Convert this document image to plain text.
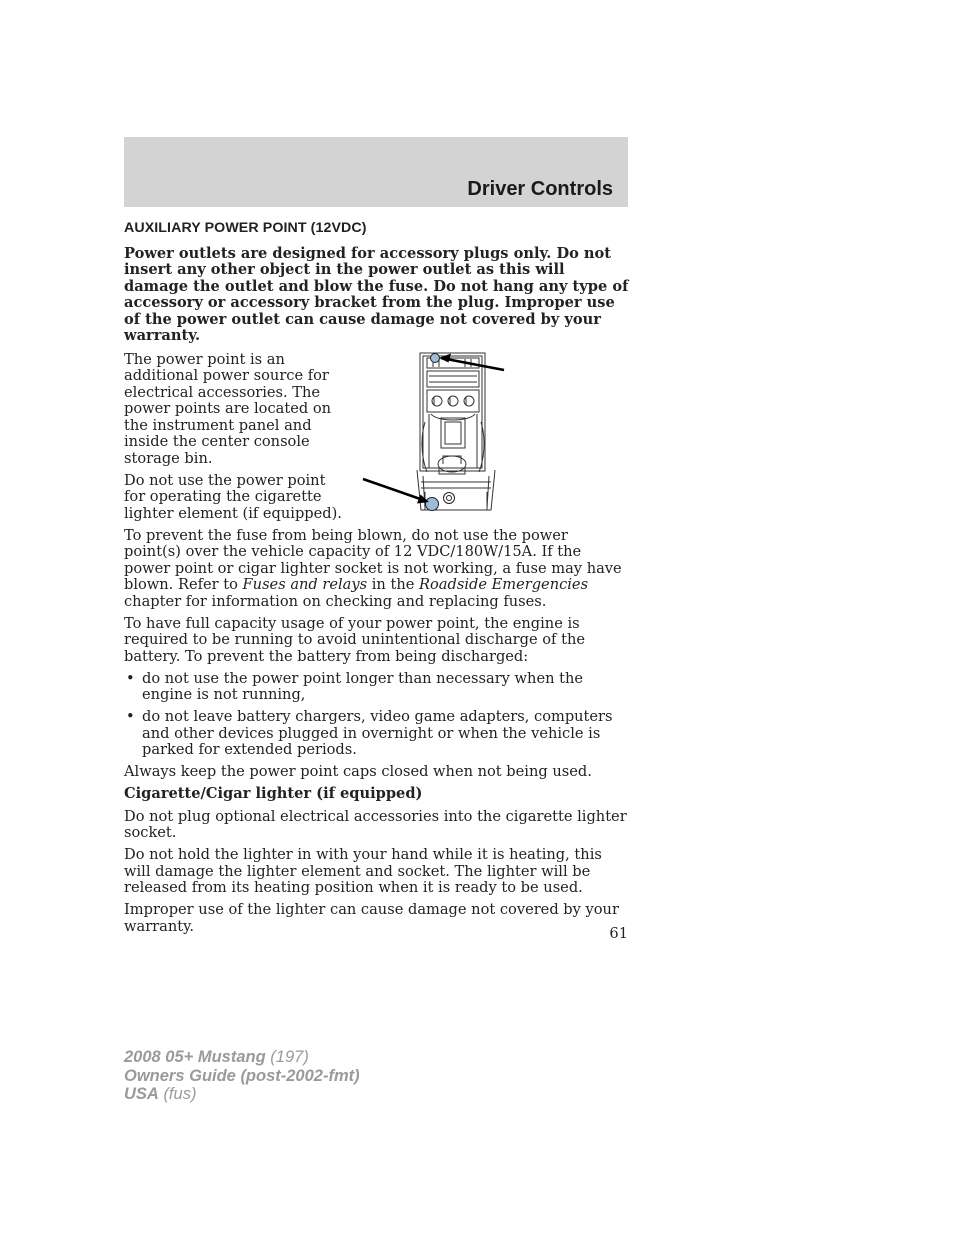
Driver Controls
AUXILIARY POWER POINT (12VDC)

Power outlets are designed for accessory plugs only. Do not insert any other object in the power outlet as this will damage the outlet and blow the fuse. Do not hang any type of accessory or accessory bracket from the plug. Improper use of the power outlet can cause damage not covered by your warranty.

The power point is an additional power source for electrical accessories. The power points are located on the instrument panel and inside the center console storage bin.

Do not use the power point for operating the cigarette lighter element (if equipped).

To prevent the fuse from being blown, do not use the power point(s) over the vehicle capacity of 12 VDC/180W/15A. If the power point or cigar lighter socket is not working, a fuse may have blown. Refer to Fuses and relays in the Roadside Emergencies chapter for information on checking and replacing fuses.

To have full capacity usage of your power point, the engine is required to be running to avoid unintentional discharge of the battery. To prevent the battery from being discharged:

• do not use the power point longer than necessary when the engine is not running,
• do not leave battery chargers, video game adapters, computers and other devices plugged in overnight or when the vehicle is parked for extended periods.

Always keep the power point caps closed when not being used.

Cigarette/Cigar lighter (if equipped)

Do not plug optional electrical accessories into the cigarette lighter socket.

Do not hold the lighter in with your hand while it is heating, this will damage the lighter element and socket. The lighter will be released from its heating position when it is ready to be used.

Improper use of the lighter can cause damage not covered by your warranty.	61
2008 05+ Mustang (197)
Owners Guide (post-2002-fmt)
USA (fus)
